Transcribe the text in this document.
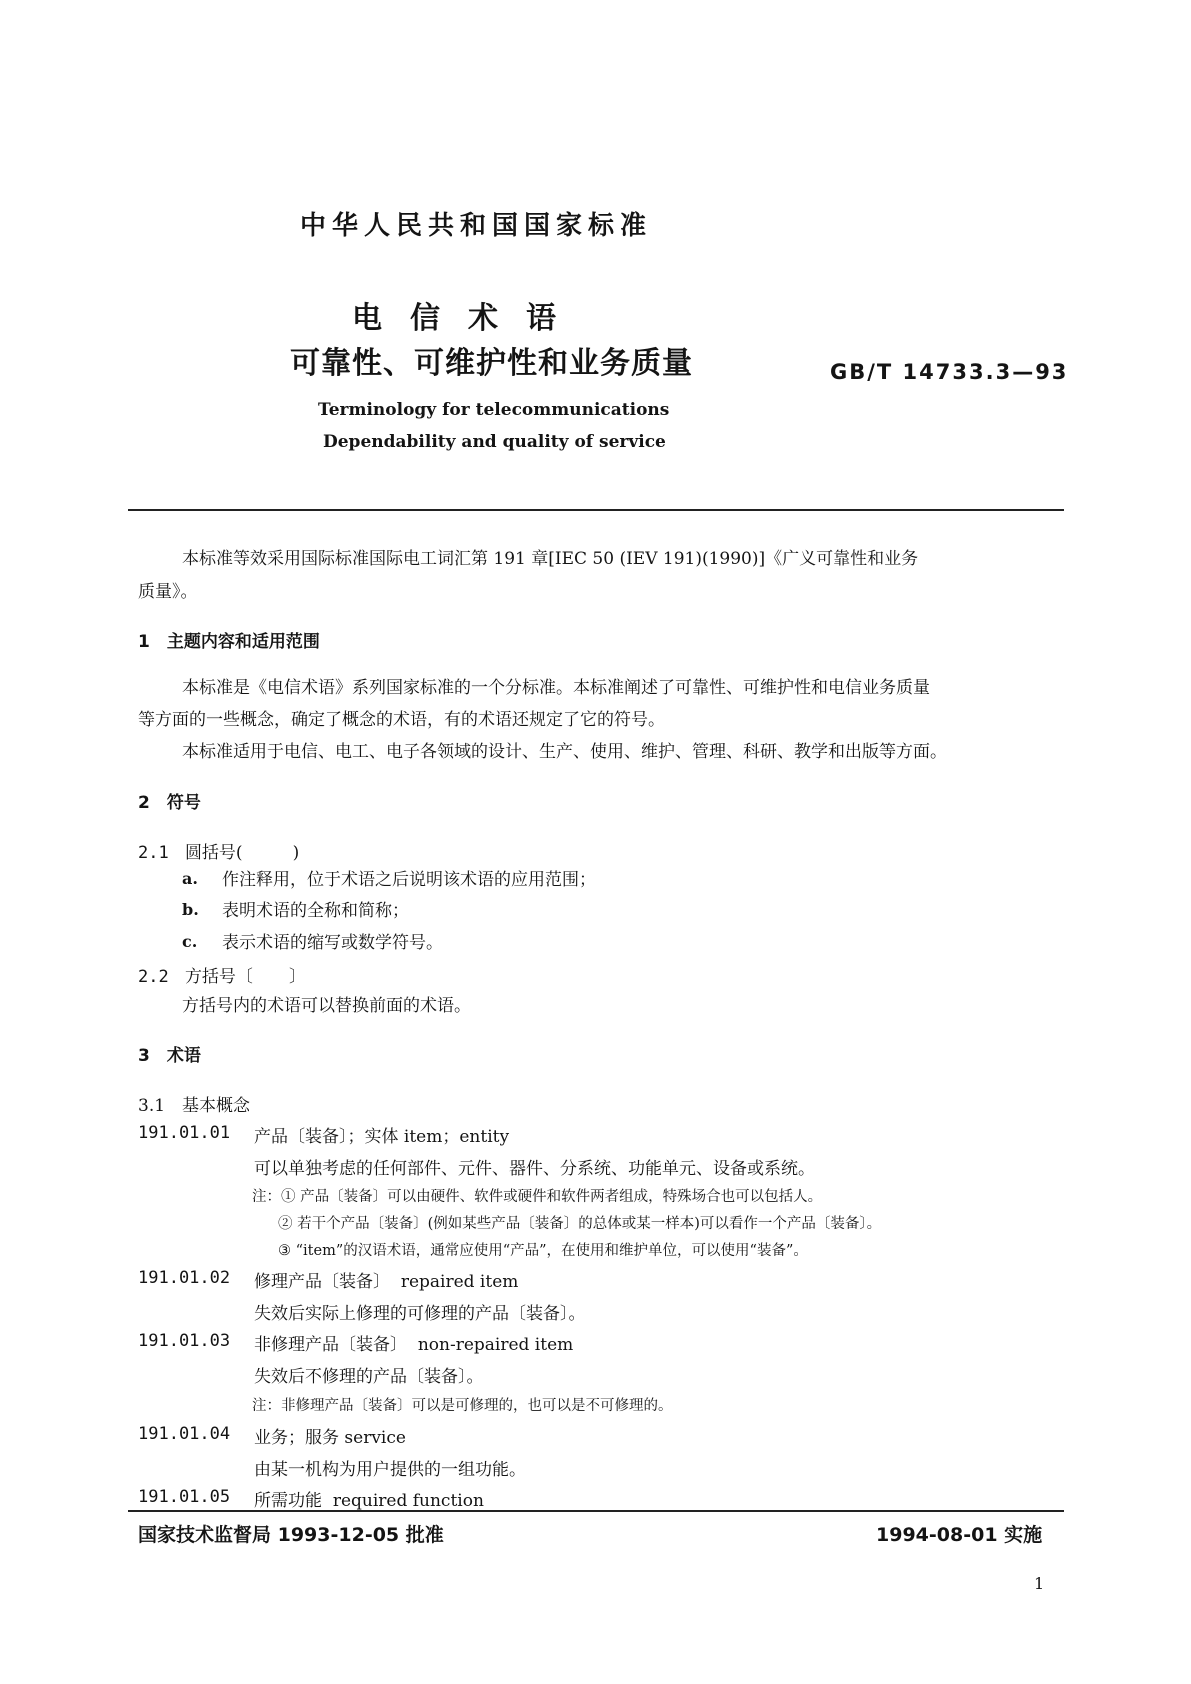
中华人民共和国国家标准
电信术语
可靠性、可维护性和业务质量	GB/T 14733.3—93
Terminology for telecommunications
Dependability and quality of service
本标准等效采用国际标准国际电工词汇第 191 章[IEC 50 (IEV 191)(1990)]《广义可靠性和业务
质量》。
1　主题内容和适用范围
本标准是《电信术语》系列国家标准的一个分标准。本标准阐述了可靠性、可维护性和电信业务质量
等方面的一些概念，确定了概念的术语，有的术语还规定了它的符号。
本标准适用于电信、电工、电子各领域的设计、生产、使用、维护、管理、科研、教学和出版等方面。
2　符号
2.1 圆括号(	)
a. 作注释用，位于术语之后说明该术语的应用范围；
b. 表明术语的全称和简称；
c. 表示术语的缩写或数学符号。
2.2 方括号〔 〕
方括号内的术语可以替换前面的术语。
3　术语
3.1　基本概念
191.01.01 产品〔装备〕；实体 item；entity
可以单独考虑的任何部件、元件、器件、分系统、功能单元、设备或系统。
注：① 产品〔装备〕可以由硬件、软件或硬件和软件两者组成，特殊场合也可以包括人。
② 若干个产品〔装备〕(例如某些产品〔装备〕的总体或某一样本)可以看作一个产品〔装备〕。
③ “item”的汉语术语，通常应使用“产品”，在使用和维护单位，可以使用“装备”。
191.01.02 修理产品〔装备〕 repaired item
失效后实际上修理的可修理的产品〔装备〕。
191.01.03 非修理产品〔装备〕 non-repaired item
失效后不修理的产品〔装备〕。
注：非修理产品〔装备〕可以是可修理的，也可以是不可修理的。
191.01.04 业务；服务 service
由某一机构为用户提供的一组功能。
191.01.05 所需功能 required function
国家技术监督局 1993-12-05 批准	1994-08-01 实施
1
